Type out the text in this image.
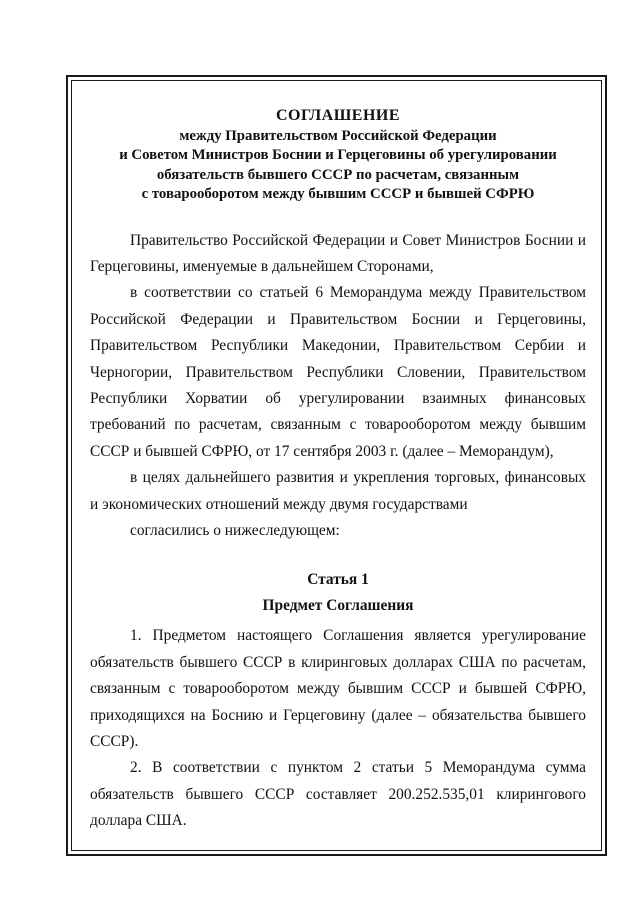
СОГЛАШЕНИЕ
между Правительством Российской Федерации
и Советом Министров Боснии и Герцеговины об урегулировании
обязательств бывшего СССР по расчетам, связанным
с товарооборотом между бывшим СССР и бывшей СФРЮ

Правительство Российской Федерации и Совет Министров Боснии и Герцеговины, именуемые в дальнейшем Сторонами,

в соответствии со статьей 6 Меморандума между Правительством Российской Федерации и Правительством Боснии и Герцеговины, Правительством Республики Македонии, Правительством Сербии и Черногории, Правительством Республики Словении, Правительством Республики Хорватии об урегулировании взаимных финансовых требований по расчетам, связанным с товарооборотом между бывшим СССР и бывшей СФРЮ, от 17 сентября 2003 г. (далее – Меморандум),

в целях дальнейшего развития и укрепления торговых, финансовых и экономических отношений между двумя государствами

согласились о нижеследующем:

Статья 1
Предмет Соглашения

1. Предметом настоящего Соглашения является урегулирование обязательств бывшего СССР в клиринговых долларах США по расчетам, связанным с товарооборотом между бывшим СССР и бывшей СФРЮ, приходящихся на Боснию и Герцеговину (далее – обязательства бывшего СССР).

2. В соответствии с пунктом 2 статьи 5 Меморандума сумма обязательств бывшего СССР составляет 200.252.535,01 клирингового доллара США.
